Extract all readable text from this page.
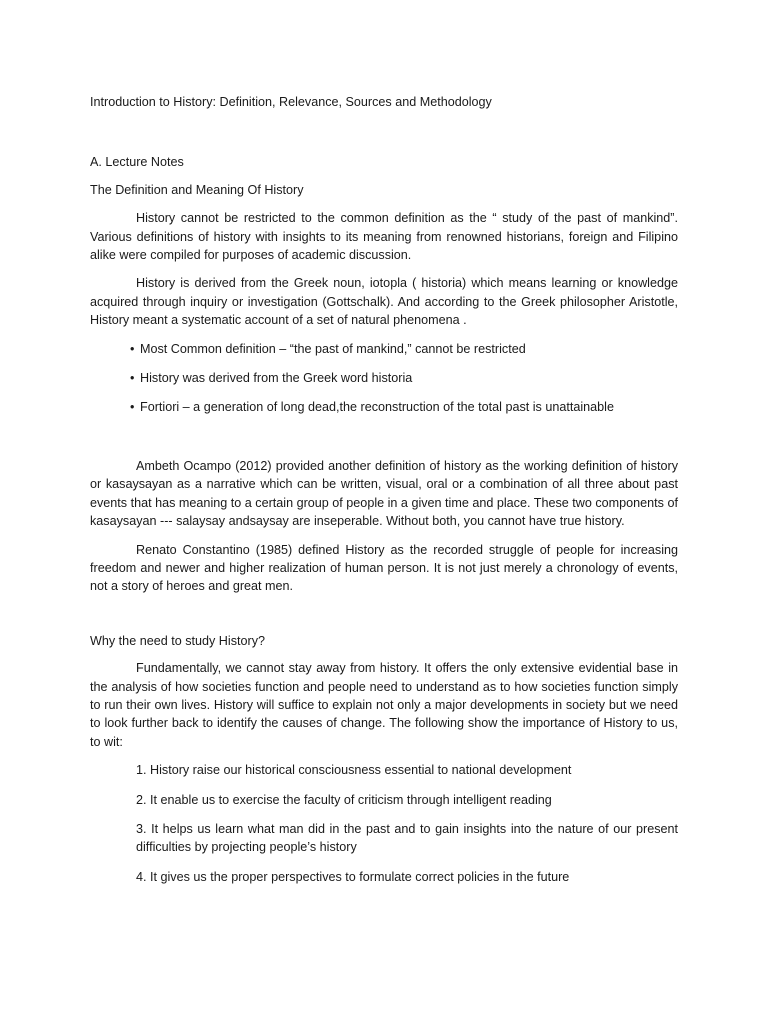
Introduction to History: Definition, Relevance, Sources and Methodology
A. Lecture Notes
The Definition and Meaning Of History

History cannot be restricted to the common definition as the “ study of the past of mankind”. Various definitions of history with insights to its meaning from renowned historians, foreign and Filipino alike were compiled for purposes of academic discussion.

History is derived from the Greek noun, iotopla ( historia) which means learning or knowledge acquired through inquiry or investigation (Gottschalk). And according to the Greek philosopher Aristotle, History meant a systematic account of a set of natural phenomena .

• Most Common definition – “the past of mankind,” cannot be restricted
• History was derived from the Greek word historia
• Fortiori – a generation of long dead,the reconstruction of the total past is unattainable

Ambeth Ocampo (2012) provided another definition of history as the working definition of history or kasaysayan as a narrative which can be written, visual, oral or a combination of all three about past events that has meaning to a certain group of people in a given time and place. These two components of kasaysayan --- salaysay andsaysay are inseperable. Without both, you cannot have true history.

Renato Constantino (1985) defined History as the recorded struggle of people for increasing freedom and newer and higher realization of human person. It is not just merely a chronology of events, not a story of heroes and great men.

Why the need to study History?

Fundamentally, we cannot stay away from history. It offers the only extensive evidential base in the analysis of how societies function and people need to understand as to how societies function simply to run their own lives. History will suffice to explain not only a major developments in society but we need to look further back to identify the causes of change. The following show the importance of History to us, to wit:

1. History raise our historical consciousness essential to national development
2. It enable us to exercise the faculty of criticism through intelligent reading
3. It helps us learn what man did in the past and to gain insights into the nature of our present difficulties by projecting people’s history
4. It gives us the proper perspectives to formulate correct policies in the future
